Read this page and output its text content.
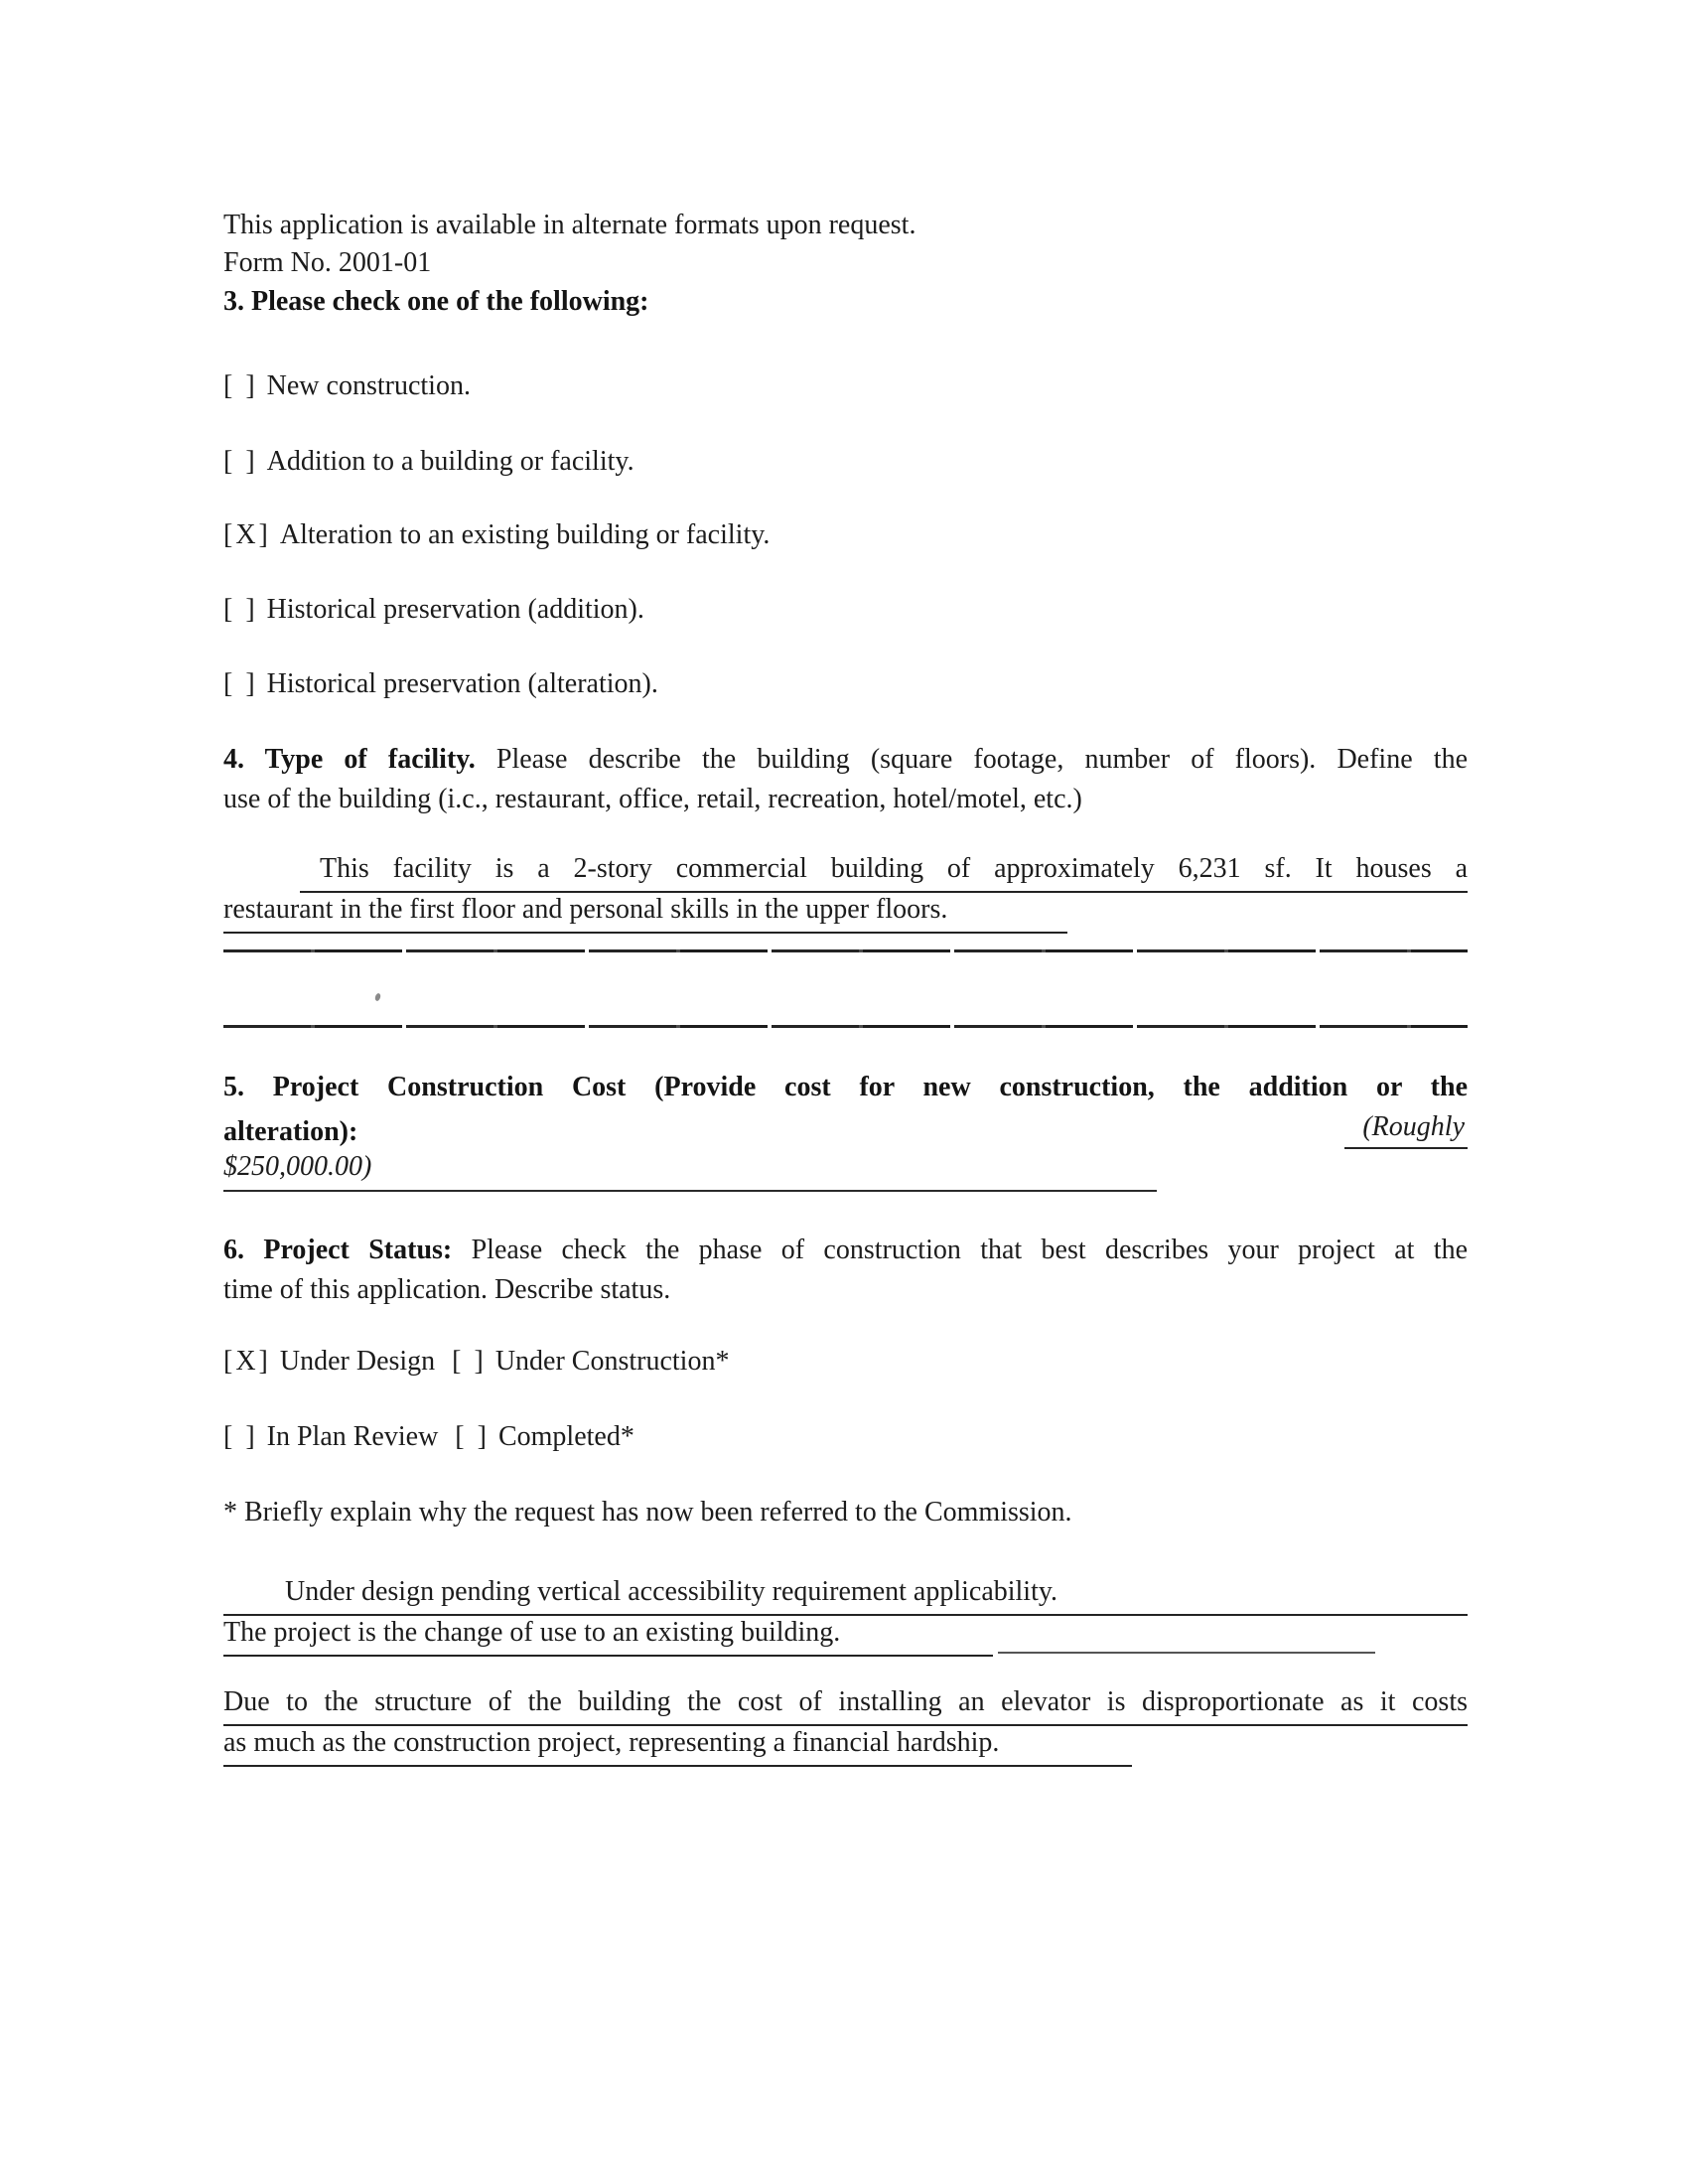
This application is available in alternate formats upon request.
Form No. 2001-01
3. Please check one of the following:
[ ] New construction.
[ ] Addition to a building or facility.
[X] Alteration to an existing building or facility.
[ ] Historical preservation (addition).
[ ] Historical preservation (alteration).
4. Type of facility. Please describe the building (square footage, number of floors). Define the
use of the building (i.c., restaurant, office, retail, recreation, hotel/motel, etc.)
This facility is a 2-story commercial building of approximately 6,231 sf. It houses a
restaurant in the first floor and personal skills in the upper floors.
5. Project Construction Cost (Provide cost for new construction, the addition or the
alteration):	(Roughly
$250,000.00)
6. Project Status: Please check the phase of construction that best describes your project at the
time of this application. Describe status.
[X] Under Design [ ] Under Construction*
[ ] In Plan Review [ ] Completed*
* Briefly explain why the request has now been referred to the Commission.
Under design pending vertical accessibility requirement applicability.
The project is the change of use to an existing building.
Due to the structure of the building the cost of installing an elevator is disproportionate as it costs
as much as the construction project, representing a financial hardship.
